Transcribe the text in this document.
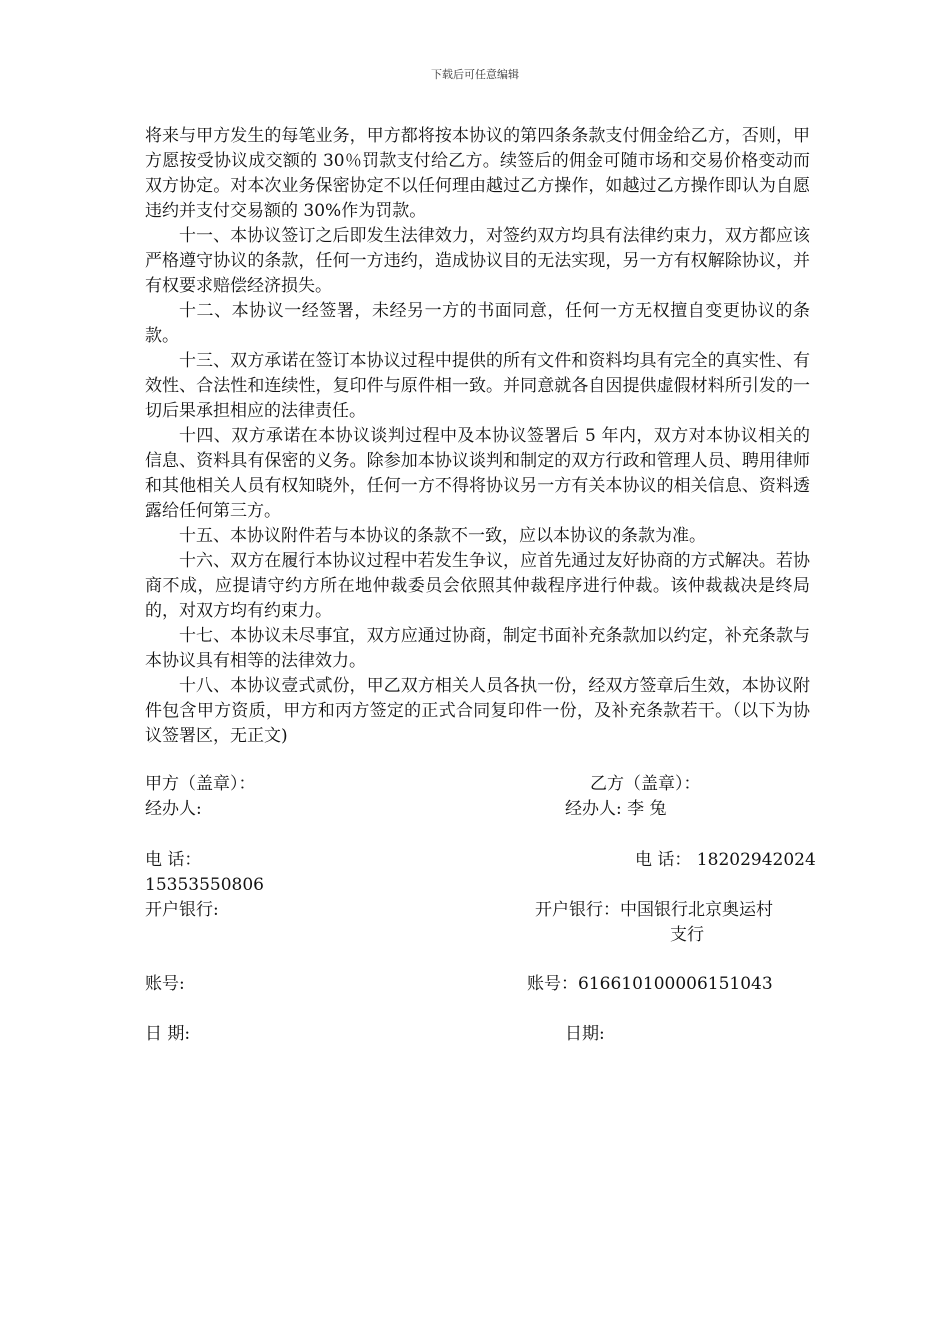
下载后可任意编辑

将来与甲方发生的每笔业务，甲方都将按本协议的第四条条款支付佣金给乙方，否则，甲方愿按受协议成交额的 30％罚款支付给乙方。续签后的佣金可随市场和交易价格变动而双方协定。对本次业务保密协定不以任何理由越过乙方操作，如越过乙方操作即认为自愿违约并支付交易额的 30%作为罚款。

十一、本协议签订之后即发生法律效力，对签约双方均具有法律约束力，双方都应该严格遵守协议的条款，任何一方违约，造成协议目的无法实现，另一方有权解除协议，并有权要求赔偿经济损失。

十二、本协议一经签署，未经另一方的书面同意，任何一方无权擅自变更协议的条款。

十三、双方承诺在签订本协议过程中提供的所有文件和资料均具有完全的真实性、有效性、合法性和连续性，复印件与原件相一致。并同意就各自因提供虚假材料所引发的一切后果承担相应的法律责任。

十四、双方承诺在本协议谈判过程中及本协议签署后 5 年内，双方对本协议相关的信息、资料具有保密的义务。除参加本协议谈判和制定的双方行政和管理人员、聘用律师和其他相关人员有权知晓外，任何一方不得将协议另一方有关本协议的相关信息、资料透露给任何第三方。

十五、本协议附件若与本协议的条款不一致，应以本协议的条款为准。

十六、双方在履行本协议过程中若发生争议，应首先通过友好协商的方式解决。若协商不成，应提请守约方所在地仲裁委员会依照其仲裁程序进行仲裁。该仲裁裁决是终局的，对双方均有约束力。

十七、本协议未尽事宜，双方应通过协商，制定书面补充条款加以约定，补充条款与本协议具有相等的法律效力。

十八、本协议壹式贰份，甲乙双方相关人员各执一份，经双方签章后生效，本协议附件包含甲方资质，甲方和丙方签定的正式合同复印件一份，及补充条款若干。（以下为协议签署区，无正文)

甲方（盖章）：
经办人:
电 话：
15353550806
开户银行:
账号:
日 期:
乙方（盖章）：
经办人: 李 兔
电 话： 18202942024
开户银行：中国银行北京奥运村
支行
账号：616610100006151043
日期:
